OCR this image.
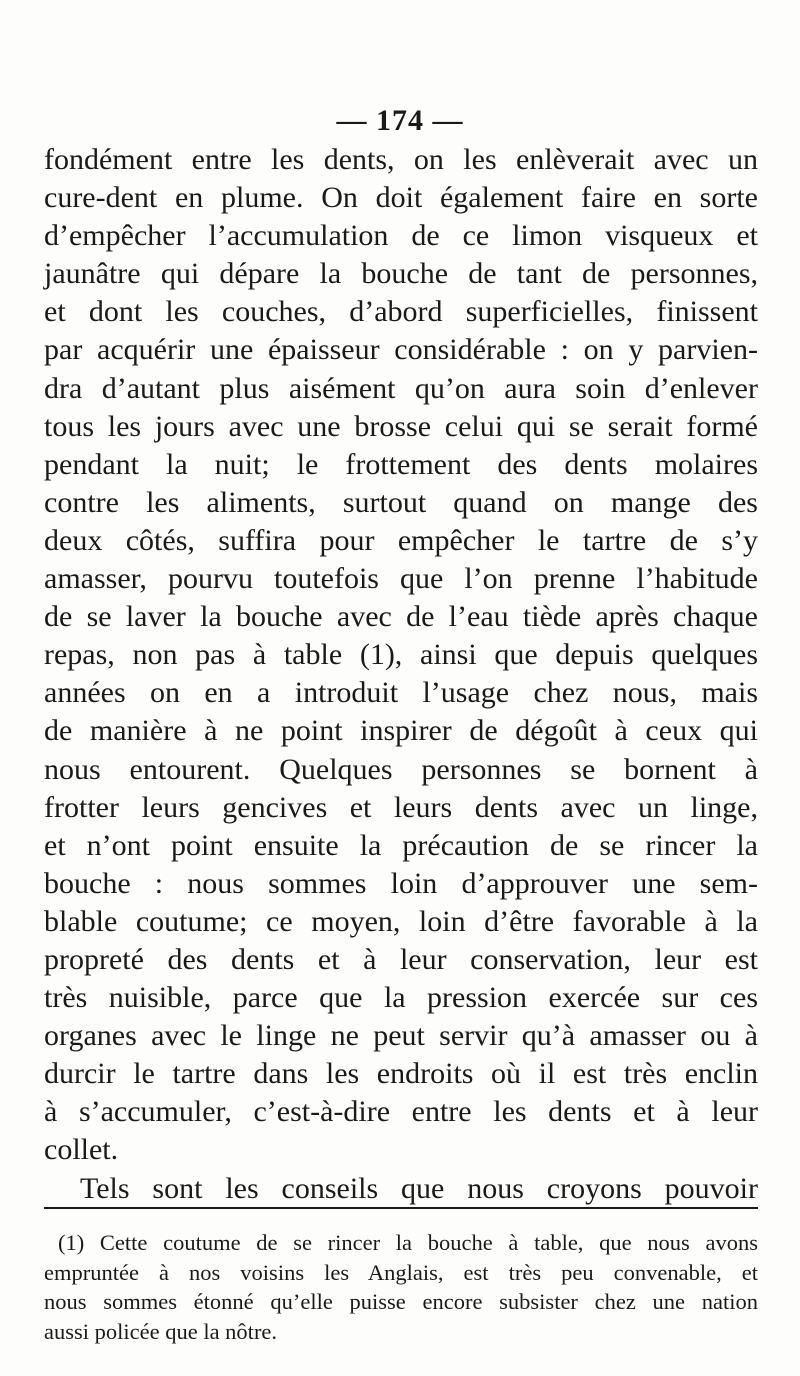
— 174 —
fondément entre les dents, on les enlèverait avec un
cure-dent en plume. On doit également faire en sorte
d’empêcher l’accumulation de ce limon visqueux et
jaunâtre qui dépare la bouche de tant de personnes,
et dont les couches, d’abord superficielles, finissent
par acquérir une épaisseur considérable : on y parvien-
dra d’autant plus aisément qu’on aura soin d’enlever
tous les jours avec une brosse celui qui se serait formé
pendant la nuit; le frottement des dents molaires
contre les aliments, surtout quand on mange des
deux côtés, suffira pour empêcher le tartre de s’y
amasser, pourvu toutefois que l’on prenne l’habitude
de se laver la bouche avec de l’eau tiède après chaque
repas, non pas à table (1), ainsi que depuis quelques
années on en a introduit l’usage chez nous, mais
de manière à ne point inspirer de dégoût à ceux qui
nous entourent. Quelques personnes se bornent à
frotter leurs gencives et leurs dents avec un linge,
et n’ont point ensuite la précaution de se rincer la
bouche : nous sommes loin d’approuver une sem-
blable coutume; ce moyen, loin d’être favorable à la
propreté des dents et à leur conservation, leur est
très nuisible, parce que la pression exercée sur ces
organes avec le linge ne peut servir qu’à amasser ou à
durcir le tartre dans les endroits où il est très enclin
à s’accumuler, c’est-à-dire entre les dents et à leur
collet.
Tels sont les conseils que nous croyons pouvoir
(1) Cette coutume de se rincer la bouche à table, que nous avons
empruntée à nos voisins les Anglais, est très peu convenable, et
nous sommes étonné qu’elle puisse encore subsister chez une nation
aussi policée que la nôtre.
